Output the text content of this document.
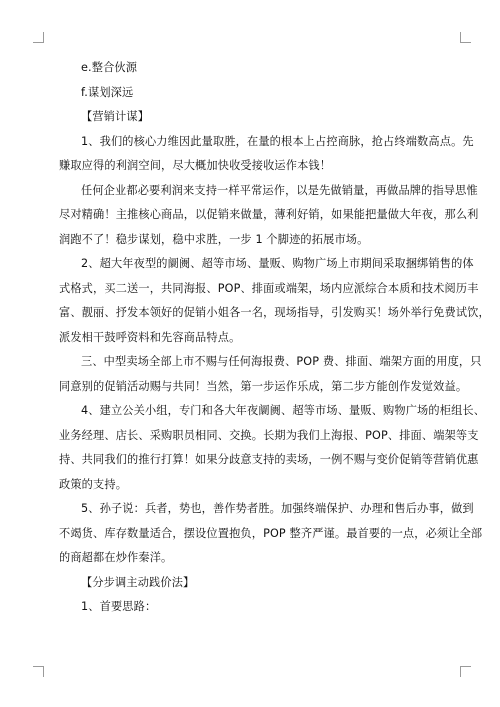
e.整合伙源
f.谋划深远
【营销计谋】
1、我们的核心力维因此量取胜，在量的根本上占控商脉，抢占终端数高点。先
赚取应得的利润空间，尽大概加快收受接收运作本钱！
任何企业都必要利润来支持一样平常运作，以是先做销量，再做品牌的指导思惟
尽对精确！主推核心商品，以促销来做量，薄利好销，如果能把量做大年夜，那么利
润跑不了！稳步谋划，稳中求胜，一步 1 个脚迹的拓展市场。
2、超大年夜型的阛阓、超等市场、量贩、购物广场上市期间采取捆绑销售的体
式格式，买二送一，共同海报、POP、排面或端架，场内应派综合本质和技术阅历丰
富、靓丽、抒发本领好的促销小姐各一名，现场指导，引发购买！场外举行免费试饮，
派发相干鼓呼资料和先容商品特点。
三、中型卖场全部上市不赐与任何海报费、POP 费、排面、端架方面的用度，只
同意别的促销活动赐与共同！当然，第一步运作乐成，第二步方能创作发觉效益。
4、建立公关小组，专门和各大年夜阛阓、超等市场、量贩、购物广场的柜组长、
业务经理、店长、采购职员相同、交换。长期为我们上海报、POP、排面、端架等支
持、共同我们的推行打算！如果分歧意支持的卖场，一例不赐与变价促销等营销优惠
政策的支持。
5、孙子说：兵者，势也，善作势者胜。加强终端保护、办理和售后办事，做到
不竭货、库存数量适合，摆设位置抱负，POP 整齐严谨。最首要的一点，必须让全部
的商超都在炒作秦洋。
【分步调主动践价法】
1、首要思路：
